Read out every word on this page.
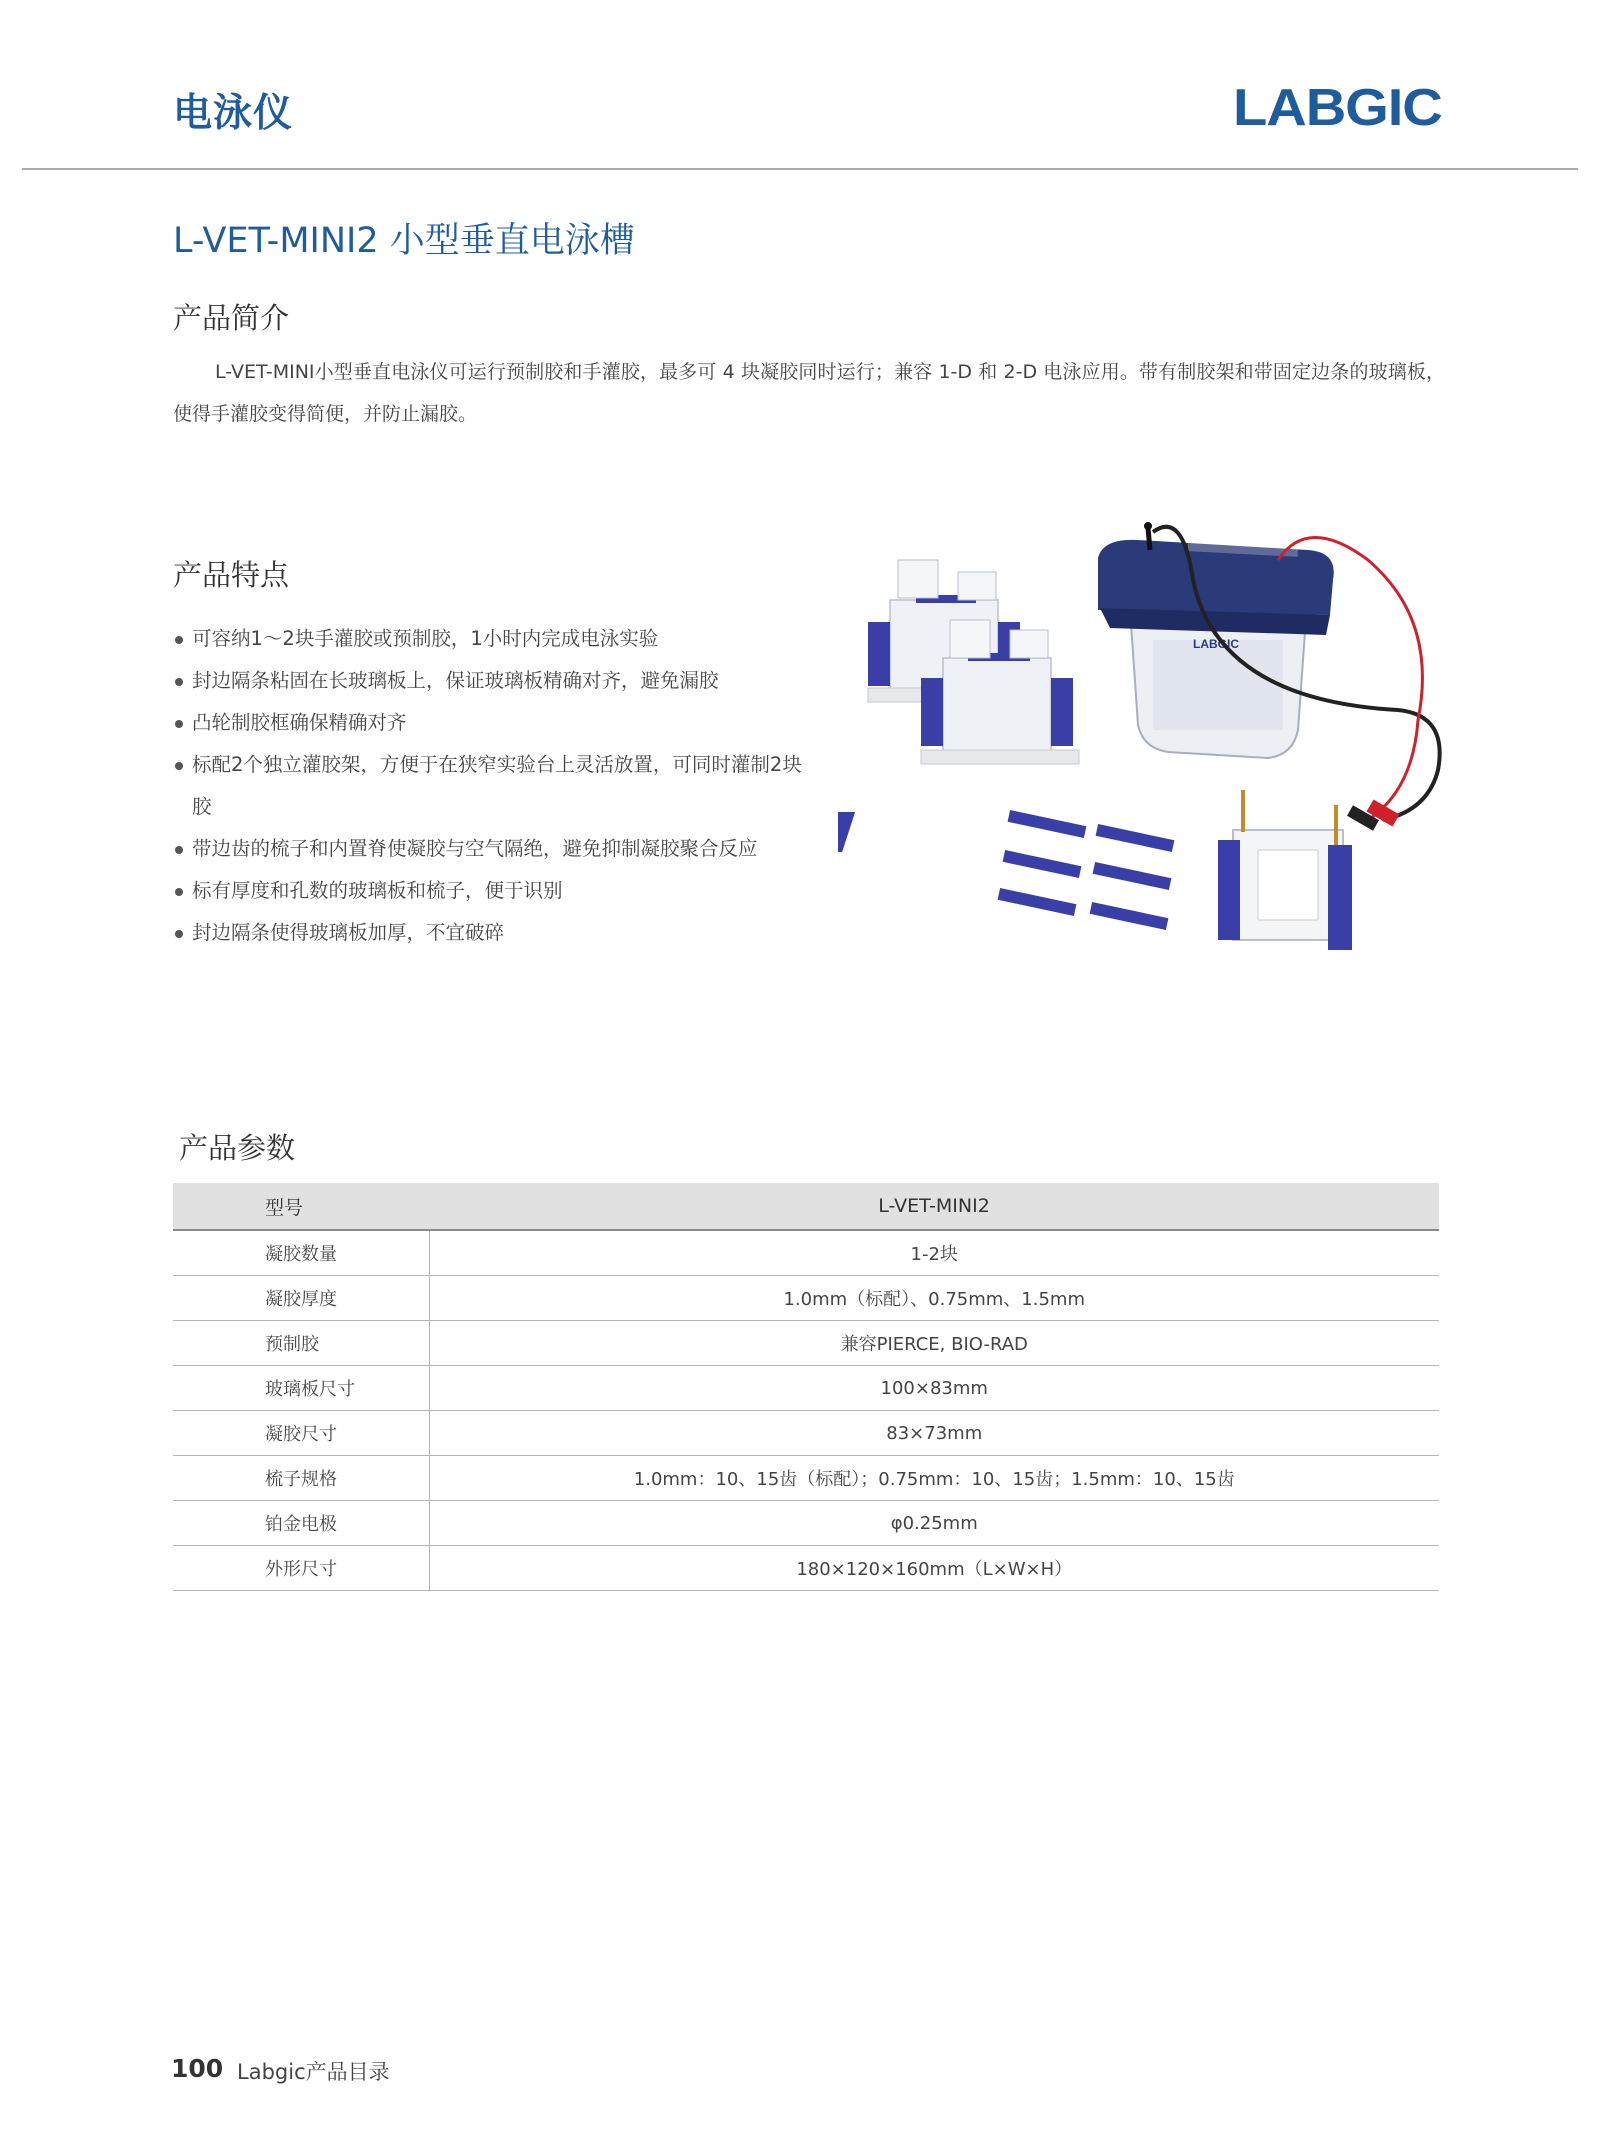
电泳仪	LABGIC
L-VET-MINI2 小型垂直电泳槽
产品简介
L-VET-MINI小型垂直电泳仪可运行预制胶和手灌胶，最多可 4 块凝胶同时运行；兼容 1-D 和 2-D 电泳应用。带有制胶架和带固定边条的玻璃板，使得手灌胶变得简便，并防止漏胶。
产品特点
可容纳1～2块手灌胶或预制胶，1小时内完成电泳实验
封边隔条粘固在长玻璃板上，保证玻璃板精确对齐，避免漏胶
凸轮制胶框确保精确对齐
标配2个独立灌胶架，方便于在狭窄实验台上灵活放置，可同时灌制2块胶
带边齿的梳子和内置脊使凝胶与空气隔绝，避免抑制凝胶聚合反应
标有厚度和孔数的玻璃板和梳子，便于识别
封边隔条使得玻璃板加厚，不宜破碎
LABGIC
产品参数
型号	L-VET-MINI2
凝胶数量	1-2块
凝胶厚度	1.0mm（标配）、0.75mm、1.5mm
预制胶	兼容PIERCE, BIO-RAD
玻璃板尺寸	100×83mm
凝胶尺寸	83×73mm
梳子规格	1.0mm：10、15齿（标配）；0.75mm：10、15齿；1.5mm：10、15齿
铂金电极	φ0.25mm
外形尺寸	180×120×160mm（L×W×H）
100 Labgic产品目录
